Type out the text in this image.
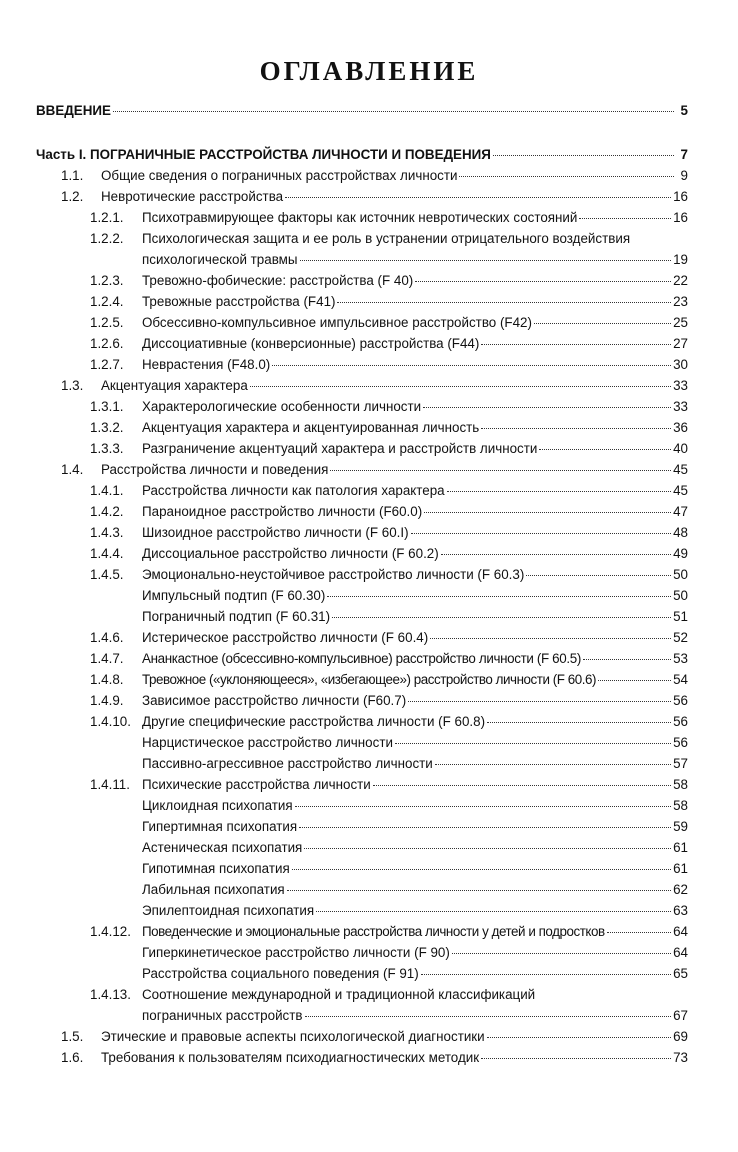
ОГЛАВЛЕНИЕ
ВВЕДЕНИЕ	5
Часть I. ПОГРАНИЧНЫЕ РАССТРОЙСТВА ЛИЧНОСТИ И ПОВЕДЕНИЯ	7
1.1.	Общие сведения о пограничных расстройствах личности	9
1.2.	Невротические расстройства	16
1.2.1.	Психотравмирующее факторы как источник невротических состояний	16
1.2.2.	Психологическая защита и ее роль в устранении отрицательного воздействия
психологической травмы	19
1.2.3.	Тревожно-фобические: расстройства (F 40)	22
1.2.4.	Тревожные расстройства (F41)	23
1.2.5.	Обсессивно-компульсивное импульсивное расстройство (F42)	25
1.2.6.	Диссоциативные (конверсионные) расстройства (F44)	27
1.2.7.	Неврастения (F48.0)	30
1.3.	Акцентуация характера	33
1.3.1.	Характерологические особенности личности	33
1.3.2.	Акцентуация характера и акцентуированная личность	36
1.3.3.	Разграничение акцентуаций характера и расстройств личности	40
1.4.	Расстройства личности и поведения	45
1.4.1.	Расстройства личности как патология характера	45
1.4.2.	Параноидное расстройство личности (F60.0)	47
1.4.3.	Шизоидное расстройство личности (F 60.I)	48
1.4.4.	Диссоциальное расстройство личности (F 60.2)	49
1.4.5.	Эмоционально-неустойчивое расстройство личности (F 60.3)	50
Импульсный подтип (F 60.30)	50
Пограничный подтип (F 60.31)	51
1.4.6.	Истерическое расстройство личности (F 60.4)	52
1.4.7.	Ананкастное (обсессивно-компульсивное) расстройство личности (F 60.5)	53
1.4.8.	Тревожное («уклоняющееся», «избегающее») расстройство личности (F 60.6)	54
1.4.9.	Зависимое расстройство личности (F60.7)	56
1.4.10. Другие специфические расстройства личности (F 60.8)	56
Нарцистическое расстройство личности	56
Пассивно-агрессивное расстройство личности	57
1.4.11. Психические расстройства личности	58
Циклоидная психопатия	58
Гипертимная психопатия	59
Астеническая психопатия	61
Гипотимная психопатия	61
Лабильная психопатия	62
Эпилептоидная психопатия	63
1.4.12. Поведенческие и эмоциональные расстройства личности у детей и подростков	64
Гиперкинетическое расстройство личности (F 90)	64
Расстройства социального поведения (F 91)	65
1.4.13. Соотношение международной и традиционной классификаций
пограничных расстройств	67
1.5.	Этические и правовые аспекты психологической диагностики	69
1.6.	Требования к пользователям психодиагностических методик	73
